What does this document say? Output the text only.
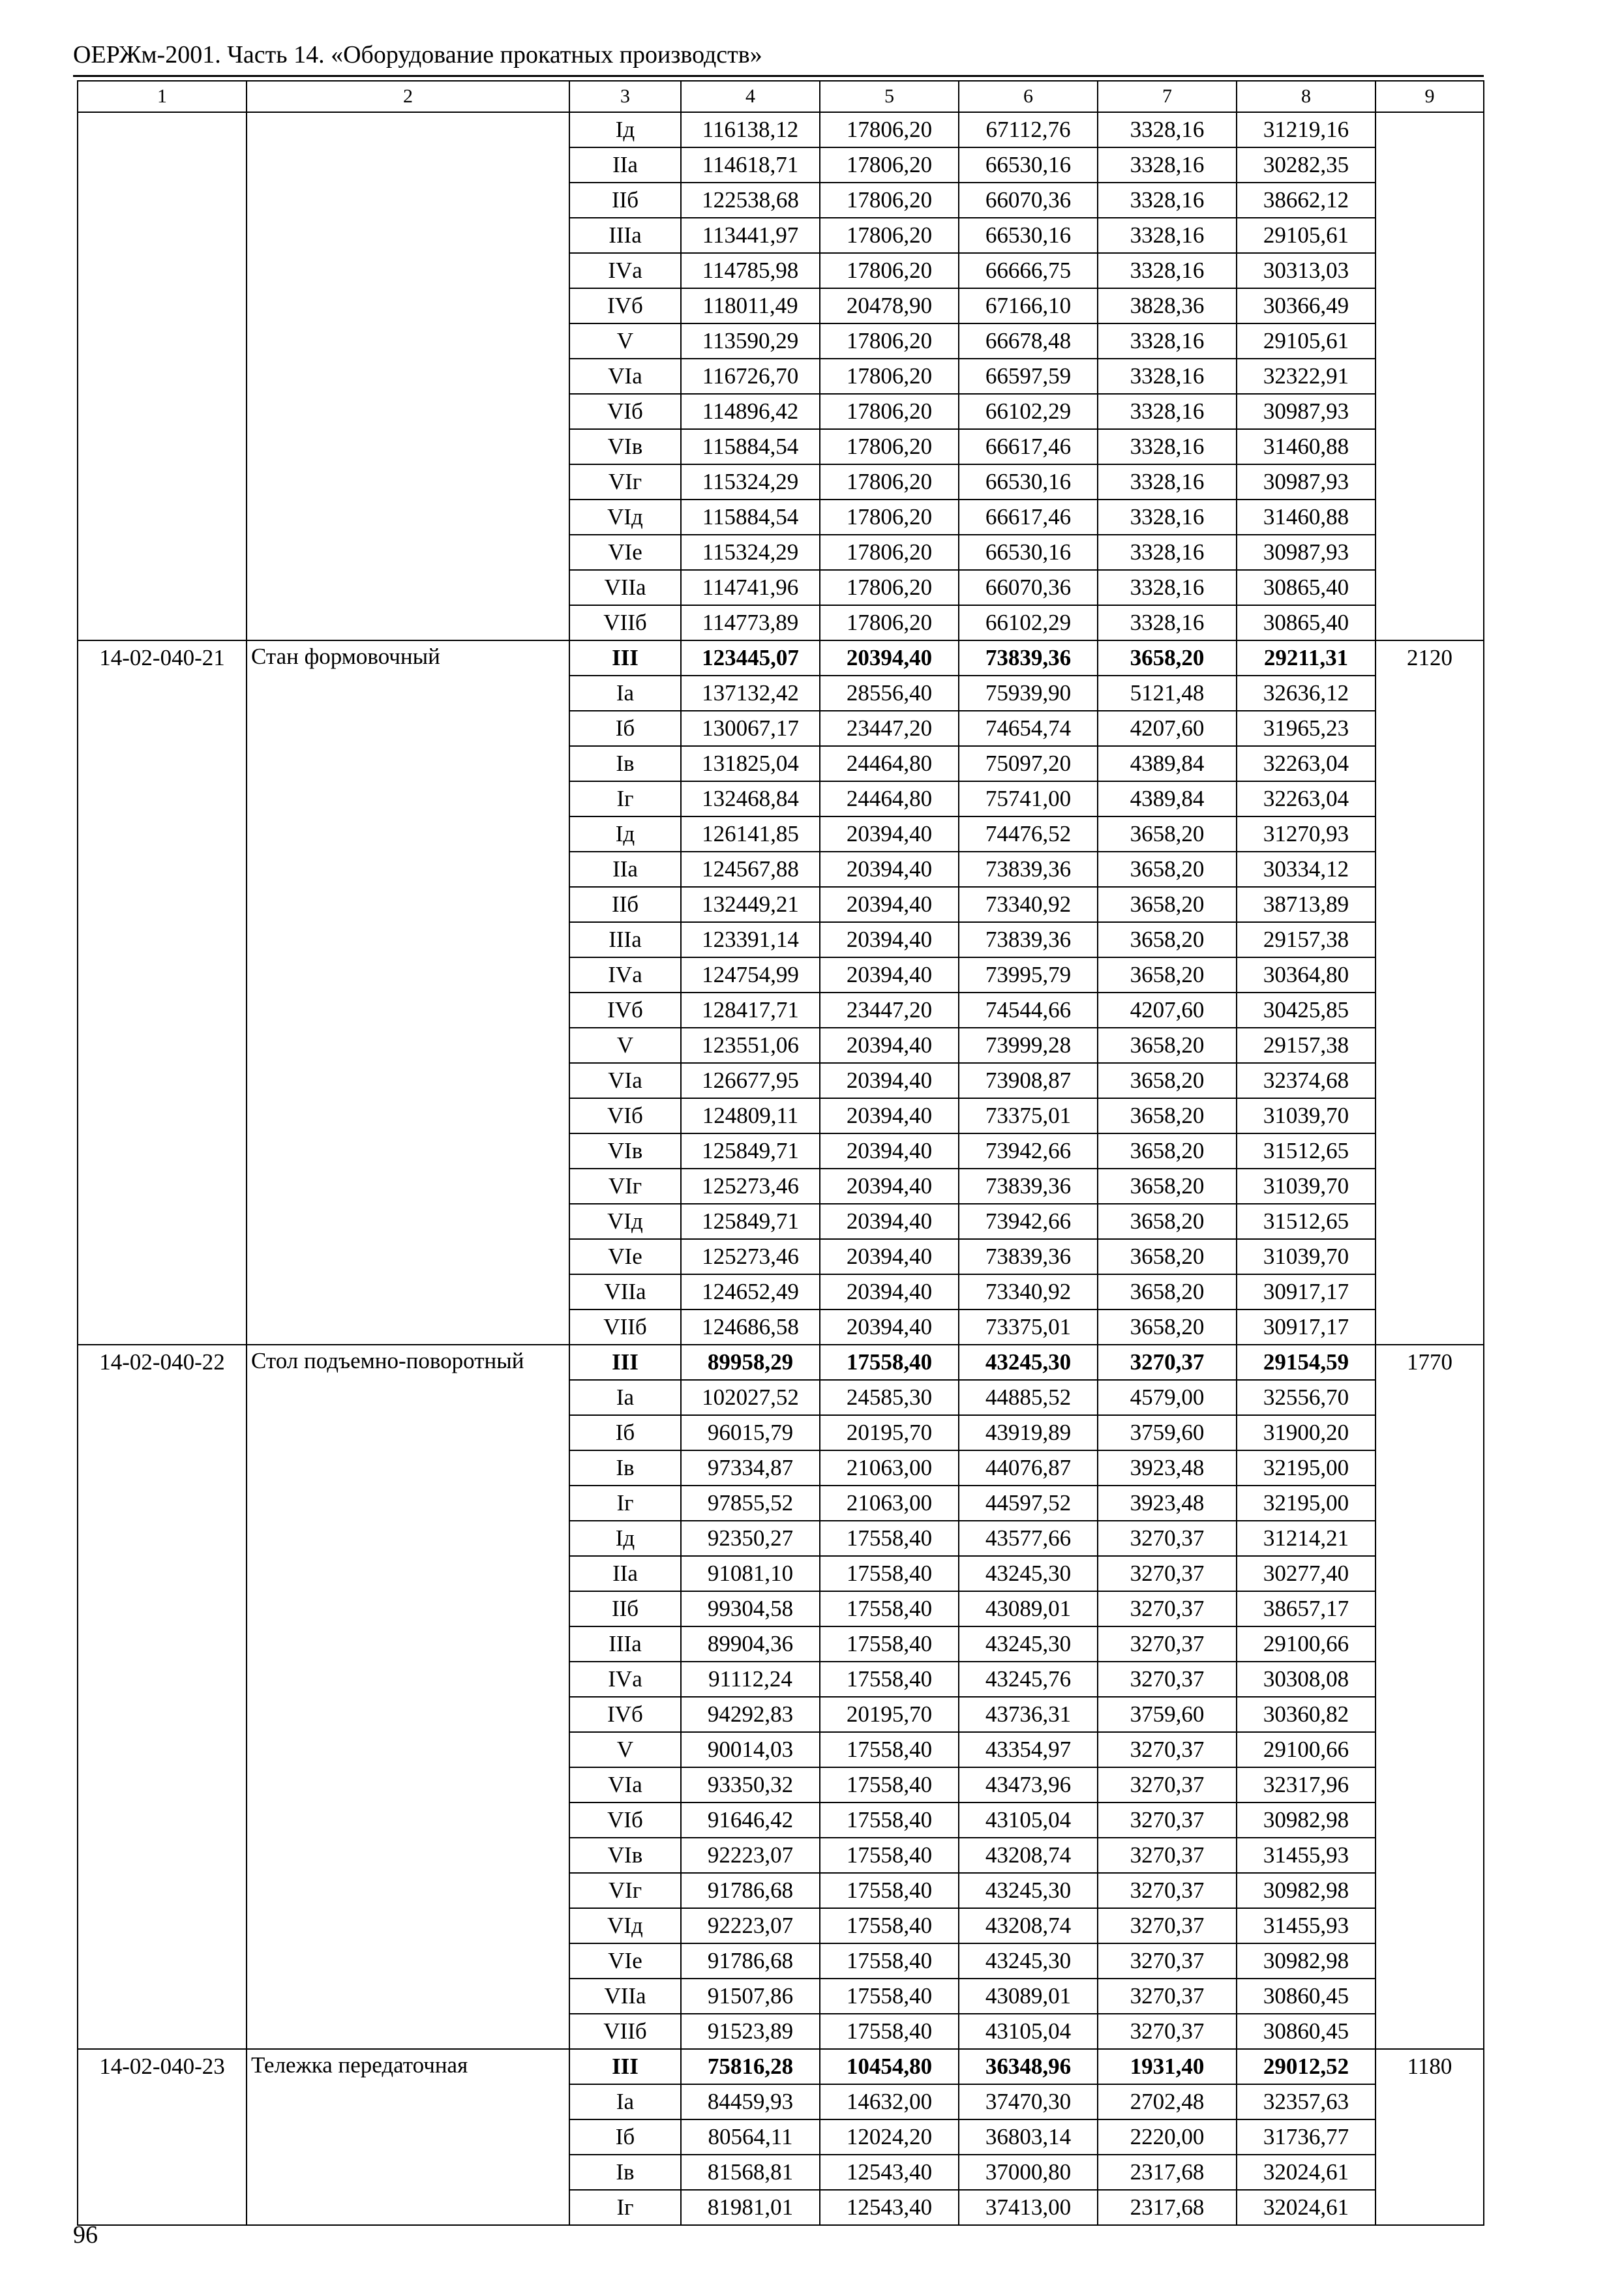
ОЕРЖм-2001. Часть 14. «Оборудование прокатных производств»
1	2	3	4	5	6	7	8	9
		Iд	116138,12	17806,20	67112,76	3328,16	31219,16	
		IIа	114618,71	17806,20	66530,16	3328,16	30282,35	
		IIб	122538,68	17806,20	66070,36	3328,16	38662,12	
		IIIа	113441,97	17806,20	66530,16	3328,16	29105,61	
		IVа	114785,98	17806,20	66666,75	3328,16	30313,03	
		IVб	118011,49	20478,90	67166,10	3828,36	30366,49	
		V	113590,29	17806,20	66678,48	3328,16	29105,61	
		VIа	116726,70	17806,20	66597,59	3328,16	32322,91	
		VIб	114896,42	17806,20	66102,29	3328,16	30987,93	
		VIв	115884,54	17806,20	66617,46	3328,16	31460,88	
		VIг	115324,29	17806,20	66530,16	3328,16	30987,93	
		VIд	115884,54	17806,20	66617,46	3328,16	31460,88	
		VIе	115324,29	17806,20	66530,16	3328,16	30987,93	
		VIIа	114741,96	17806,20	66070,36	3328,16	30865,40	
		VIIб	114773,89	17806,20	66102,29	3328,16	30865,40	
14-02-040-21	Стан формовочный	III	123445,07	20394,40	73839,36	3658,20	29211,31	2120
		Iа	137132,42	28556,40	75939,90	5121,48	32636,12	
		Iб	130067,17	23447,20	74654,74	4207,60	31965,23	
		Iв	131825,04	24464,80	75097,20	4389,84	32263,04	
		Iг	132468,84	24464,80	75741,00	4389,84	32263,04	
		Iд	126141,85	20394,40	74476,52	3658,20	31270,93	
		IIа	124567,88	20394,40	73839,36	3658,20	30334,12	
		IIб	132449,21	20394,40	73340,92	3658,20	38713,89	
		IIIа	123391,14	20394,40	73839,36	3658,20	29157,38	
		IVа	124754,99	20394,40	73995,79	3658,20	30364,80	
		IVб	128417,71	23447,20	74544,66	4207,60	30425,85	
		V	123551,06	20394,40	73999,28	3658,20	29157,38	
		VIа	126677,95	20394,40	73908,87	3658,20	32374,68	
		VIб	124809,11	20394,40	73375,01	3658,20	31039,70	
		VIв	125849,71	20394,40	73942,66	3658,20	31512,65	
		VIг	125273,46	20394,40	73839,36	3658,20	31039,70	
		VIд	125849,71	20394,40	73942,66	3658,20	31512,65	
		VIе	125273,46	20394,40	73839,36	3658,20	31039,70	
		VIIа	124652,49	20394,40	73340,92	3658,20	30917,17	
		VIIб	124686,58	20394,40	73375,01	3658,20	30917,17	
14-02-040-22	Стол подъемно-поворотный	III	89958,29	17558,40	43245,30	3270,37	29154,59	1770
		Iа	102027,52	24585,30	44885,52	4579,00	32556,70	
		Iб	96015,79	20195,70	43919,89	3759,60	31900,20	
		Iв	97334,87	21063,00	44076,87	3923,48	32195,00	
		Iг	97855,52	21063,00	44597,52	3923,48	32195,00	
		Iд	92350,27	17558,40	43577,66	3270,37	31214,21	
		IIа	91081,10	17558,40	43245,30	3270,37	30277,40	
		IIб	99304,58	17558,40	43089,01	3270,37	38657,17	
		IIIа	89904,36	17558,40	43245,30	3270,37	29100,66	
		IVа	91112,24	17558,40	43245,76	3270,37	30308,08	
		IVб	94292,83	20195,70	43736,31	3759,60	30360,82	
		V	90014,03	17558,40	43354,97	3270,37	29100,66	
		VIа	93350,32	17558,40	43473,96	3270,37	32317,96	
		VIб	91646,42	17558,40	43105,04	3270,37	30982,98	
		VIв	92223,07	17558,40	43208,74	3270,37	31455,93	
		VIг	91786,68	17558,40	43245,30	3270,37	30982,98	
		VIд	92223,07	17558,40	43208,74	3270,37	31455,93	
		VIе	91786,68	17558,40	43245,30	3270,37	30982,98	
		VIIа	91507,86	17558,40	43089,01	3270,37	30860,45	
		VIIб	91523,89	17558,40	43105,04	3270,37	30860,45	
14-02-040-23	Тележка передаточная	III	75816,28	10454,80	36348,96	1931,40	29012,52	1180
		Iа	84459,93	14632,00	37470,30	2702,48	32357,63	
		Iб	80564,11	12024,20	36803,14	2220,00	31736,77	
		Iв	81568,81	12543,40	37000,80	2317,68	32024,61	
		Iг	81981,01	12543,40	37413,00	2317,68	32024,61	
96
